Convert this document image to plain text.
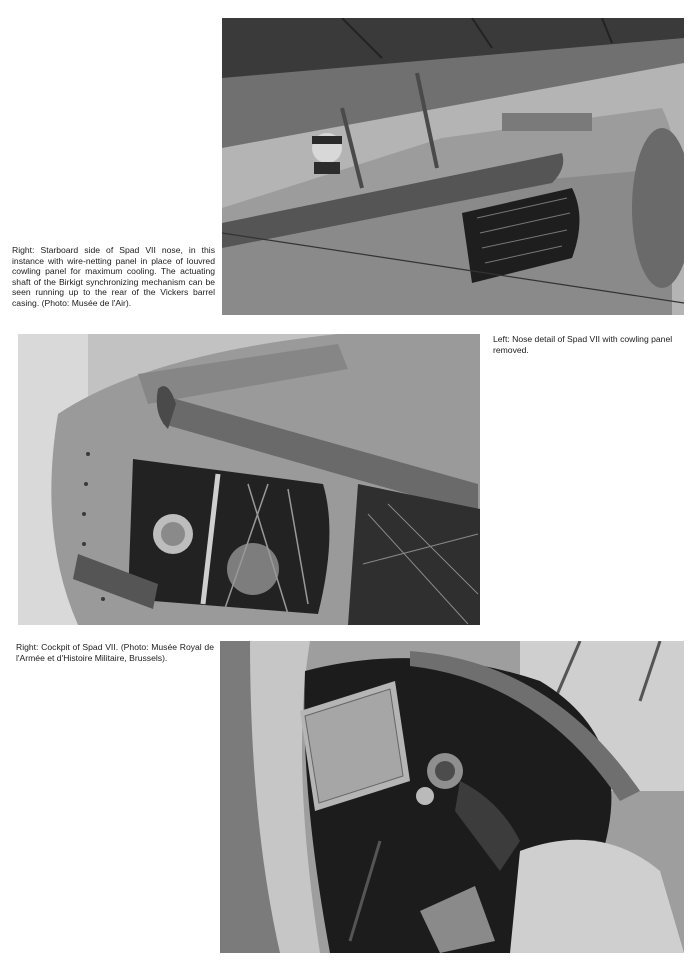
Right: Starboard side of Spad VII nose, in this instance with wire-netting panel in place of louvred cowling panel for maximum cooling. The actuating shaft of the Birkigt synchronizing mechanism can be seen running up to the rear of the Vickers barrel casing. (Photo: Musée de l'Air).

Left: Nose detail of Spad VII with cowling panel removed.

Right: Cockpit of Spad VII. (Photo: Musée Royal de l'Armée et d'Histoire Militaire, Brussels).
